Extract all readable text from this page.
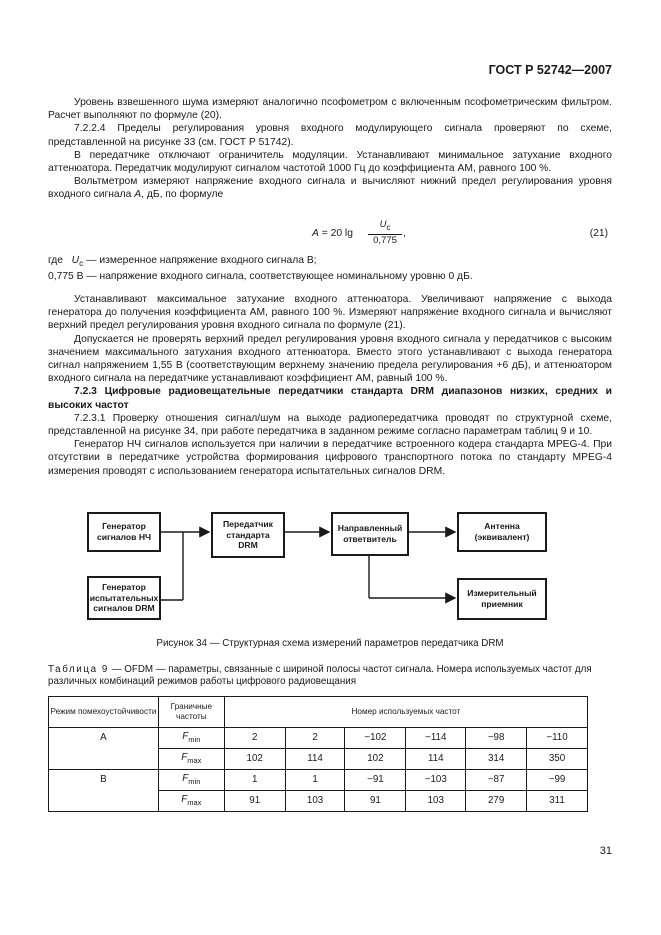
ГОСТ Р 52742—2007

Уровень взвешенного шума измеряют аналогично псофометром с включенным псофометрическим фильтром. Расчет выполняют по формуле (20).

7.2.2.4 Пределы регулирования уровня входного модулирующего сигнала проверяют по схеме, представленной на рисунке 33 (см. ГОСТ Р 51742).

В передатчике отключают ограничитель модуляции. Устанавливают минимальное затухание входного аттенюатора. Передатчик модулируют сигналом частотой 1000 Гц до коэффициента АМ, равного 100 %.

Вольтметром измеряют напряжение входного сигнала и вычисляют нижний предел регулирования уровня входного сигнала A, дБ, по формуле

A = 20 $\lg \frac{U_c}{0,775}$ ,	(21)
где $U_c$ — измеренное напряжение входного сигнала В;
0,775 В — напряжение входного сигнала, соответствующее номинальному уровню 0 дБ.

Устанавливают максимальное затухание входного аттенюатора. Увеличивают напряжение с выхода генератора до получения коэффициента АМ, равного 100 %. Измеряют напряжение входного сигнала и вычисляют верхний предел регулирования уровня входного сигнала по формуле (21).

Допускается не проверять верхний предел регулирования уровня входного сигнала у передатчиков с высоким значением максимального затухания входного аттенюатора. Вместо этого устанавливают с выхода генератора сигнал напряжением 1,55 В (соответствующим верхнему значению предела регулирования +6 дБ), и аттенюатором входного сигнала на передатчике устанавливают коэффициент АМ, равный 100 %.

7.2.3 Цифровые радиовещательные передатчики стандарта DRM диапазонов низких, средних и высоких частот

7.2.3.1 Проверку отношения сигнал/шум на выходе радиопередатчика проводят по структурной схеме, представленной на рисунке 34, при работе передатчика в заданном режиме согласно параметрам таблиц 9 и 10.

Генератор НЧ сигналов используется при наличии в передатчике встроенного кодера стандарта MPEG-4. При отсутствии в передатчике устройства формирования цифрового транспортного потока по стандарту MPEG-4 измерения проводят с использованием генератора испытательных сигналов DRM.

Генератор
сигналов НЧ
Передатчик
стандарта
DRM
Направленный
ответвитель
Антенна
(эквивалент)
Генератор
испытательных
сигналов DRM
Измерительный
приемник
Рисунок 34 — Структурная схема измерений параметров передатчика DRM
Таблица 9 — OFDM — параметры, связанные с шириной полосы частот сигнала. Номера используемых частот для различных комбинаций режимов работы цифрового радиовещания
Режим помехоустойчивости	Граничные частоты	Номер используемых частот					
A	$F_{min}$	2	2	−102	−114	−98	−110
	$F_{max}$	102	114	102	114	314	350
B	$F_{min}$	1	1	−91	−103	−87	−99
	$F_{max}$	91	103	91	103	279	311
31
